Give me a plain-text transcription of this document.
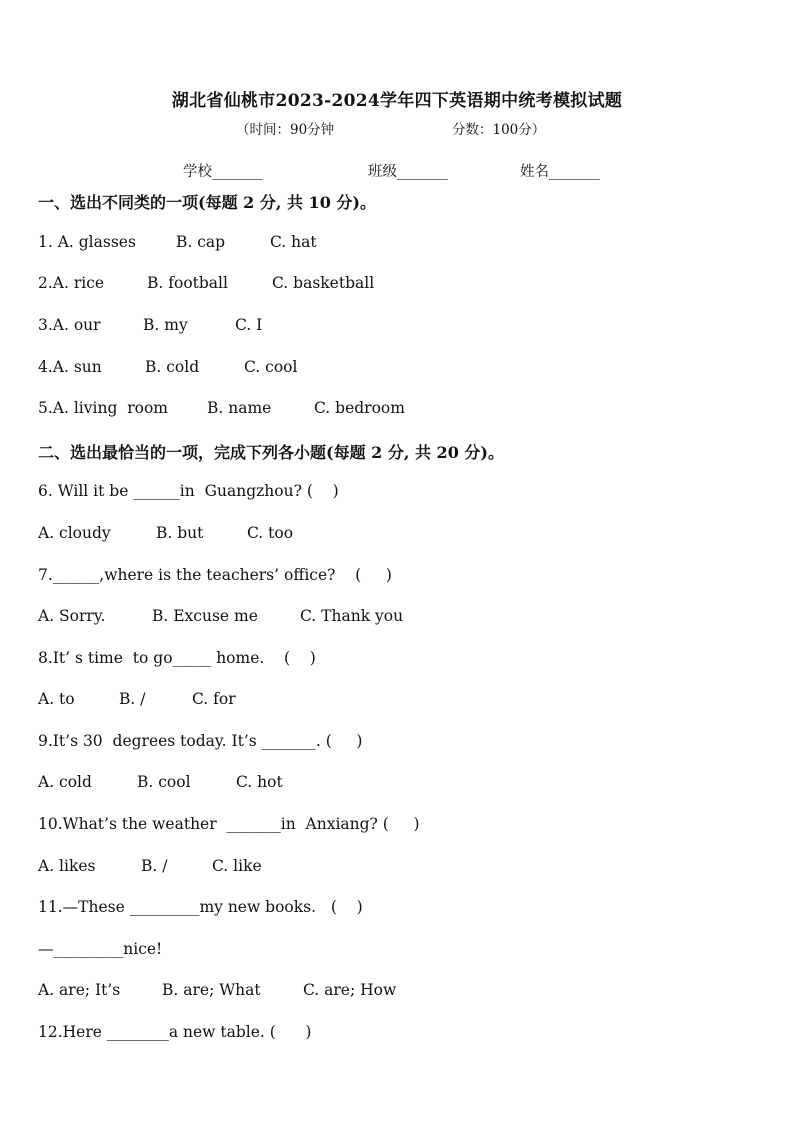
湖北省仙桃市2023-2024学年四下英语期中统考模拟试题
（时间：90分钟	分数：100分）
学校_______	班级_______	姓名_______
一、选出不同类的一项(每题 2 分, 共 10 分)。
1. A. glasses	B. cap	C. hat
2.A. rice	B. football	C. basketball
3.A. our	B. my	C. I
4.A. sun	B. cold	C. cool
5.A. living  room	B. name	C. bedroom
二、选出最恰当的一项，完成下列各小题(每题 2 分, 共 20 分)。
6. Will it be ______in  Guangzhou? (    )
A. cloudy	B. but	C. too
7.______,where is the teachers’ office?    (     )
A. Sorry.	B. Excuse me	C. Thank you
8.It’ s time  to go_____ home.    (    )
A. to	B. /	C. for
9.It’s 30  degrees today. It’s _______. (     )
A. cold	B. cool	C. hot
10.What’s the weather  _______in  Anxiang? (     )
A. likes	B. /	C. like
11.—These _________my new books.   (    )
—_________nice!
A. are; It’s	B. are; What	C. are; How
12.Here ________a new table. (      )
